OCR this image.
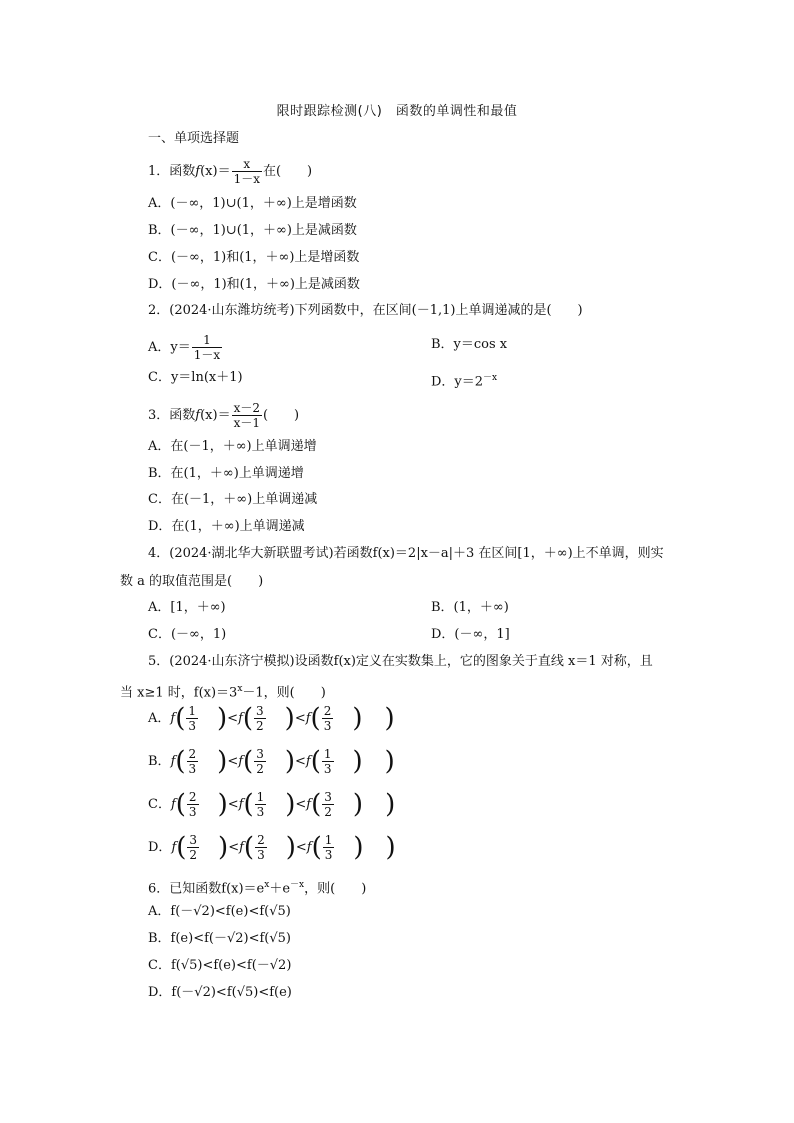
限时跟踪检测(八)　函数的单调性和最值
一、单项选择题
1．函数$f(x)= \frac{x}{1-x}$ 在(　　)
A．(－∞，1)∪(1，＋∞)上是增函数
B．(－∞，1)∪(1，＋∞)上是减函数
C．(－∞，1)和(1，＋∞)上是增函数
D．(－∞，1)和(1，＋∞)上是减函数
2．(2024·山东潍坊统考)下列函数中，在区间(－1,1)上单调递减的是(　　)
A．$y= \frac{1}{1-x}$	B．y＝cos x
C．y＝ln(x＋1)	D．$y=2^{-x}$
3．函数$f(x)= \frac{x-2}{x-1}$ (　　)
A．在(－1，＋∞)上单调递增
B．在(1，＋∞)上单调递增
C．在(－1，＋∞)上单调递减
D．在(1，＋∞)上单调递减
4．(2024·湖北华大新联盟考试)若函数f(x)＝2|x－a|＋3 在区间[1，＋∞)上不单调，则实
数 a 的取值范围是(　　)
A．[1，＋∞)	B．(1，＋∞)
C．(－∞，1)	D．(－∞，1]
5．(2024·山东济宁模拟)设函数f(x)定义在实数集上，它的图象关于直线 x＝1 对称，且
当 x≥1 时，$f(x)=3^x-1$，则(　　)
A．$f( \frac{1}{3} )<f( \frac{3}{2} )<f( \frac{2}{3}$ ) )
B．$f( \frac{2}{3} )<f( \frac{3}{2} )<f( \frac{1}{3}$ ) )
C．$f( \frac{2}{3} )<f( \frac{1}{3} )<f( \frac{3}{2}$ ) )
D．$f( \frac{3}{2} )<f( \frac{2}{3} )<f( \frac{1}{3}$ ) )
6．已知函数$f(x)=e^x+e^{-x}$，则(　　)
A．f(－√2)<f(e)<f(√5)
B．f(e)<f(－√2)<f(√5)
C．f(√5)<f(e)<f(－√2)
D．f(－√2)<f(√5)<f(e)
